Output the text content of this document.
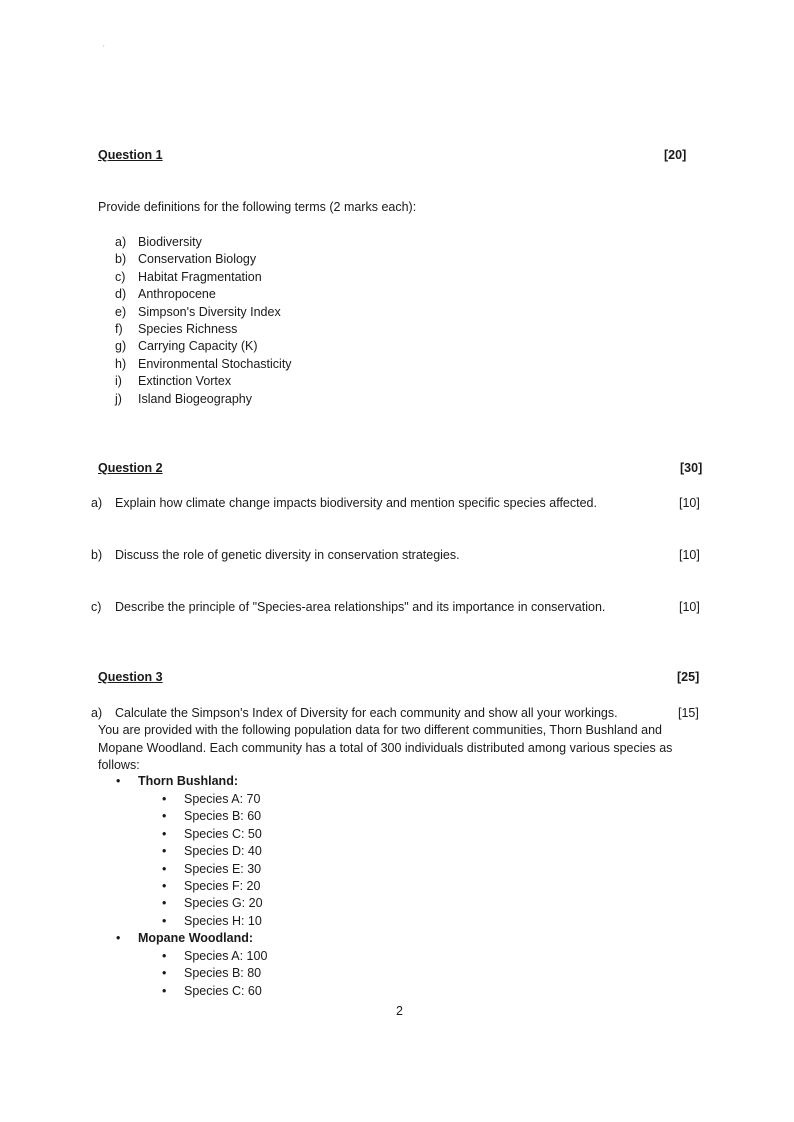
′
Question 1	[20]
Provide definitions for the following terms (2 marks each):
a) Biodiversity
b) Conservation Biology
c) Habitat Fragmentation
d) Anthropocene
e) Simpson's Diversity Index
f) Species Richness
g) Carrying Capacity (K)
h) Environmental Stochasticity
i) Extinction Vortex
j) Island Biogeography
Question 2	[30]
a) Explain how climate change impacts biodiversity and mention specific species affected.	[10]
b) Discuss the role of genetic diversity in conservation strategies.	[10]
c) Describe the principle of "Species-area relationships" and its importance in conservation.	[10]
Question 3	[25]
a) Calculate the Simpson's Index of Diversity for each community and show all your workings.	[15]
You are provided with the following population data for two different communities, Thorn Bushland and Mopane Woodland. Each community has a total of 300 individuals distributed among various species as follows:
• Thorn Bushland:
• Species A: 70
• Species B: 60
• Species C: 50
• Species D: 40
• Species E: 30
• Species F: 20
• Species G: 20
• Species H: 10
• Mopane Woodland:
• Species A: 100
• Species B: 80
• Species C: 60
2
